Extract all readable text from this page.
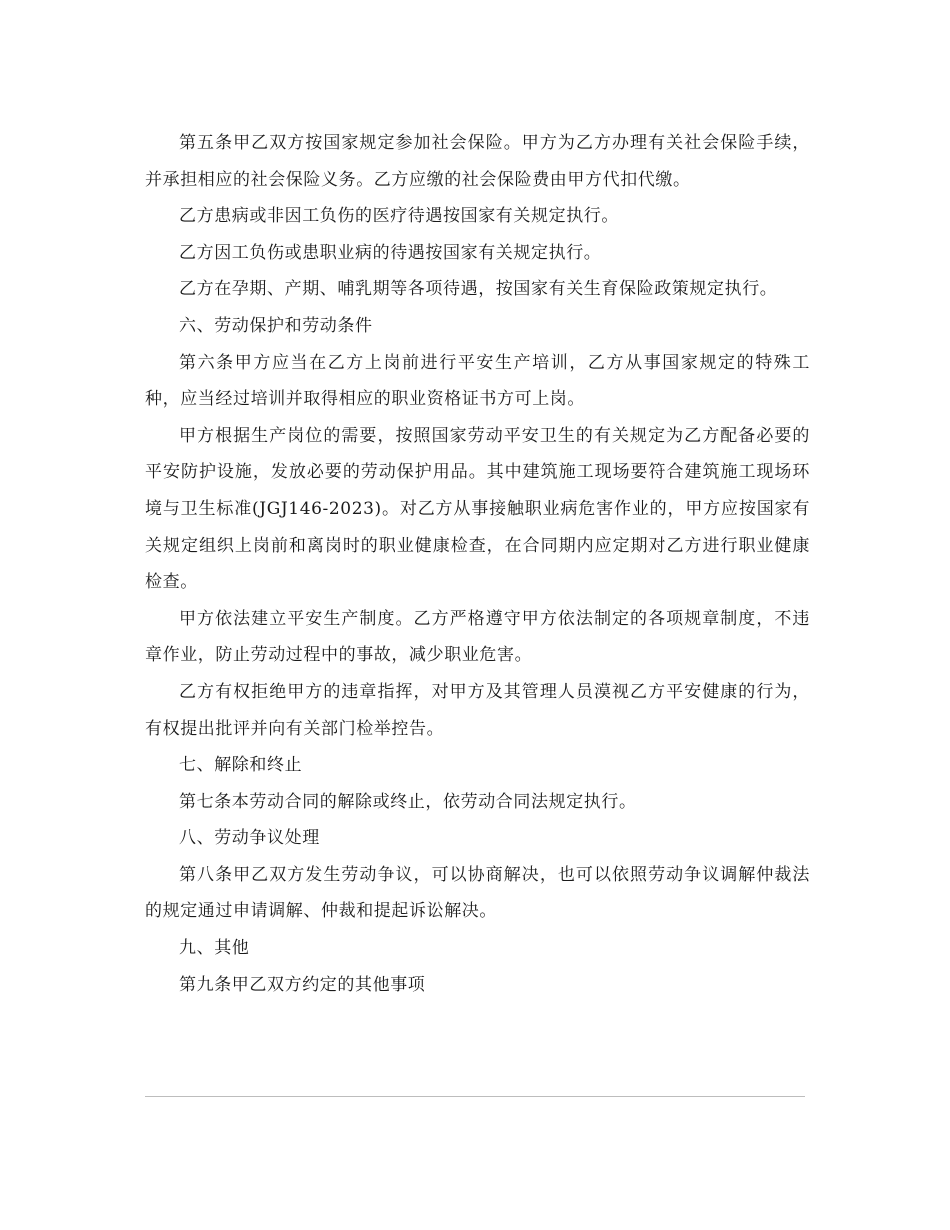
第五条甲乙双方按国家规定参加社会保险。甲方为乙方办理有关社会保险手续，并承担相应的社会保险义务。乙方应缴的社会保险费由甲方代扣代缴。

乙方患病或非因工负伤的医疗待遇按国家有关规定执行。

乙方因工负伤或患职业病的待遇按国家有关规定执行。

乙方在孕期、产期、哺乳期等各项待遇，按国家有关生育保险政策规定执行。

六、劳动保护和劳动条件

第六条甲方应当在乙方上岗前进行平安生产培训，乙方从事国家规定的特殊工种，应当经过培训并取得相应的职业资格证书方可上岗。

甲方根据生产岗位的需要，按照国家劳动平安卫生的有关规定为乙方配备必要的平安防护设施，发放必要的劳动保护用品。其中建筑施工现场要符合建筑施工现场环境与卫生标准(JGJ146-2023)。对乙方从事接触职业病危害作业的，甲方应按国家有关规定组织上岗前和离岗时的职业健康检查，在合同期内应定期对乙方进行职业健康检查。

甲方依法建立平安生产制度。乙方严格遵守甲方依法制定的各项规章制度，不违章作业，防止劳动过程中的事故，减少职业危害。

乙方有权拒绝甲方的违章指挥，对甲方及其管理人员漠视乙方平安健康的行为，有权提出批评并向有关部门检举控告。

七、解除和终止

第七条本劳动合同的解除或终止，依劳动合同法规定执行。

八、劳动争议处理

第八条甲乙双方发生劳动争议，可以协商解决，也可以依照劳动争议调解仲裁法的规定通过申请调解、仲裁和提起诉讼解决。

九、其他

第九条甲乙双方约定的其他事项
